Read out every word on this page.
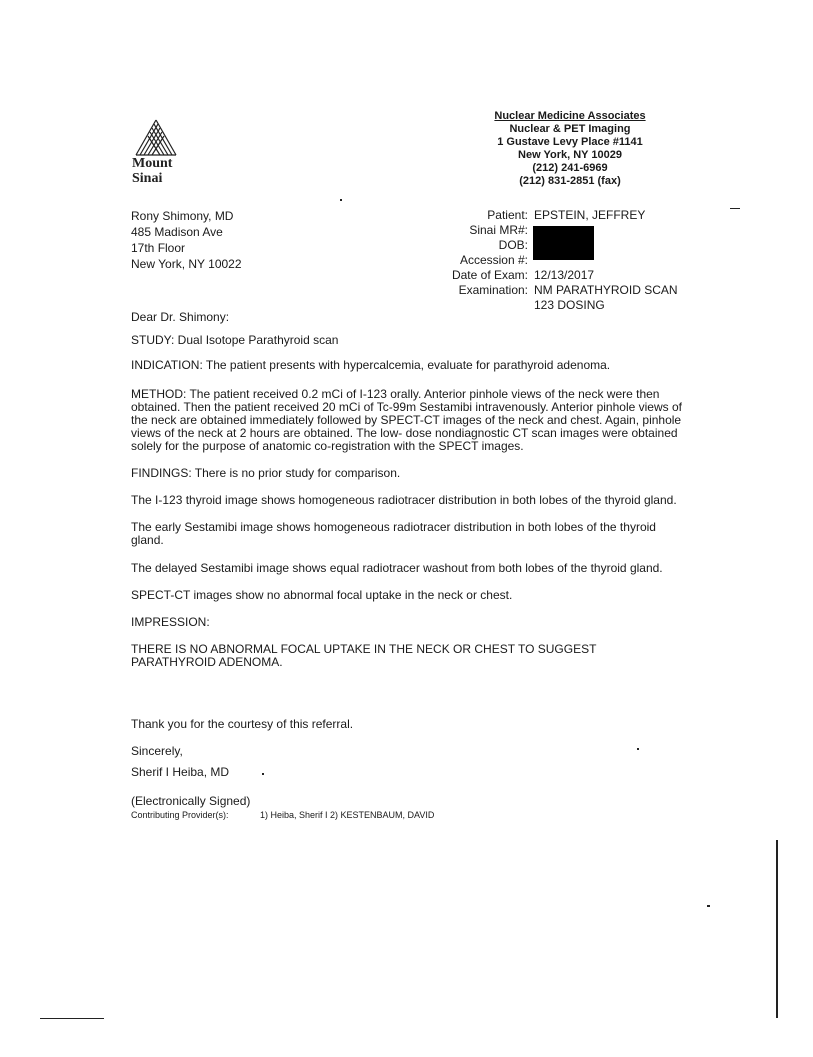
Mount
Sinai
Nuclear Medicine Associates
Nuclear & PET Imaging
1 Gustave Levy Place #1141
New York, NY 10029
(212) 241-6969
(212) 831-2851 (fax)
Rony Shimony, MD
485 Madison Ave
17th Floor
New York, NY 10022
Patient:
Sinai MR#:
DOB:
Accession #:
Date of Exam:
Examination:
EPSTEIN, JEFFREY

12/13/2017
NM PARATHYROID SCAN
123 DOSING
Dear Dr. Shimony:
STUDY: Dual Isotope Parathyroid scan
INDICATION: The patient presents with hypercalcemia, evaluate for parathyroid adenoma.
METHOD: The patient received 0.2 mCi of I-123 orally. Anterior pinhole views of the neck were then obtained. Then the patient received 20 mCi of Tc-99m Sestamibi intravenously. Anterior pinhole views of the neck are obtained immediately followed by SPECT-CT images of the neck and chest. Again, pinhole views of the neck at 2 hours are obtained. The low- dose nondiagnostic CT scan images were obtained solely for the purpose of anatomic co-registration with the SPECT images.
FINDINGS: There is no prior study for comparison.
The I-123 thyroid image shows homogeneous radiotracer distribution in both lobes of the thyroid gland.
The early Sestamibi image shows homogeneous radiotracer distribution in both lobes of the thyroid gland.
The delayed Sestamibi image shows equal radiotracer washout from both lobes of the thyroid gland.
SPECT-CT images show no abnormal focal uptake in the neck or chest.
IMPRESSION:
THERE IS NO ABNORMAL FOCAL UPTAKE IN THE NECK OR CHEST TO SUGGEST PARATHYROID ADENOMA.
Thank you for the courtesy of this referral.
Sincerely,
Sherif I Heiba, MD
(Electronically Signed)
Contributing Provider(s):	1) Heiba, Sherif I 2) KESTENBAUM, DAVID
